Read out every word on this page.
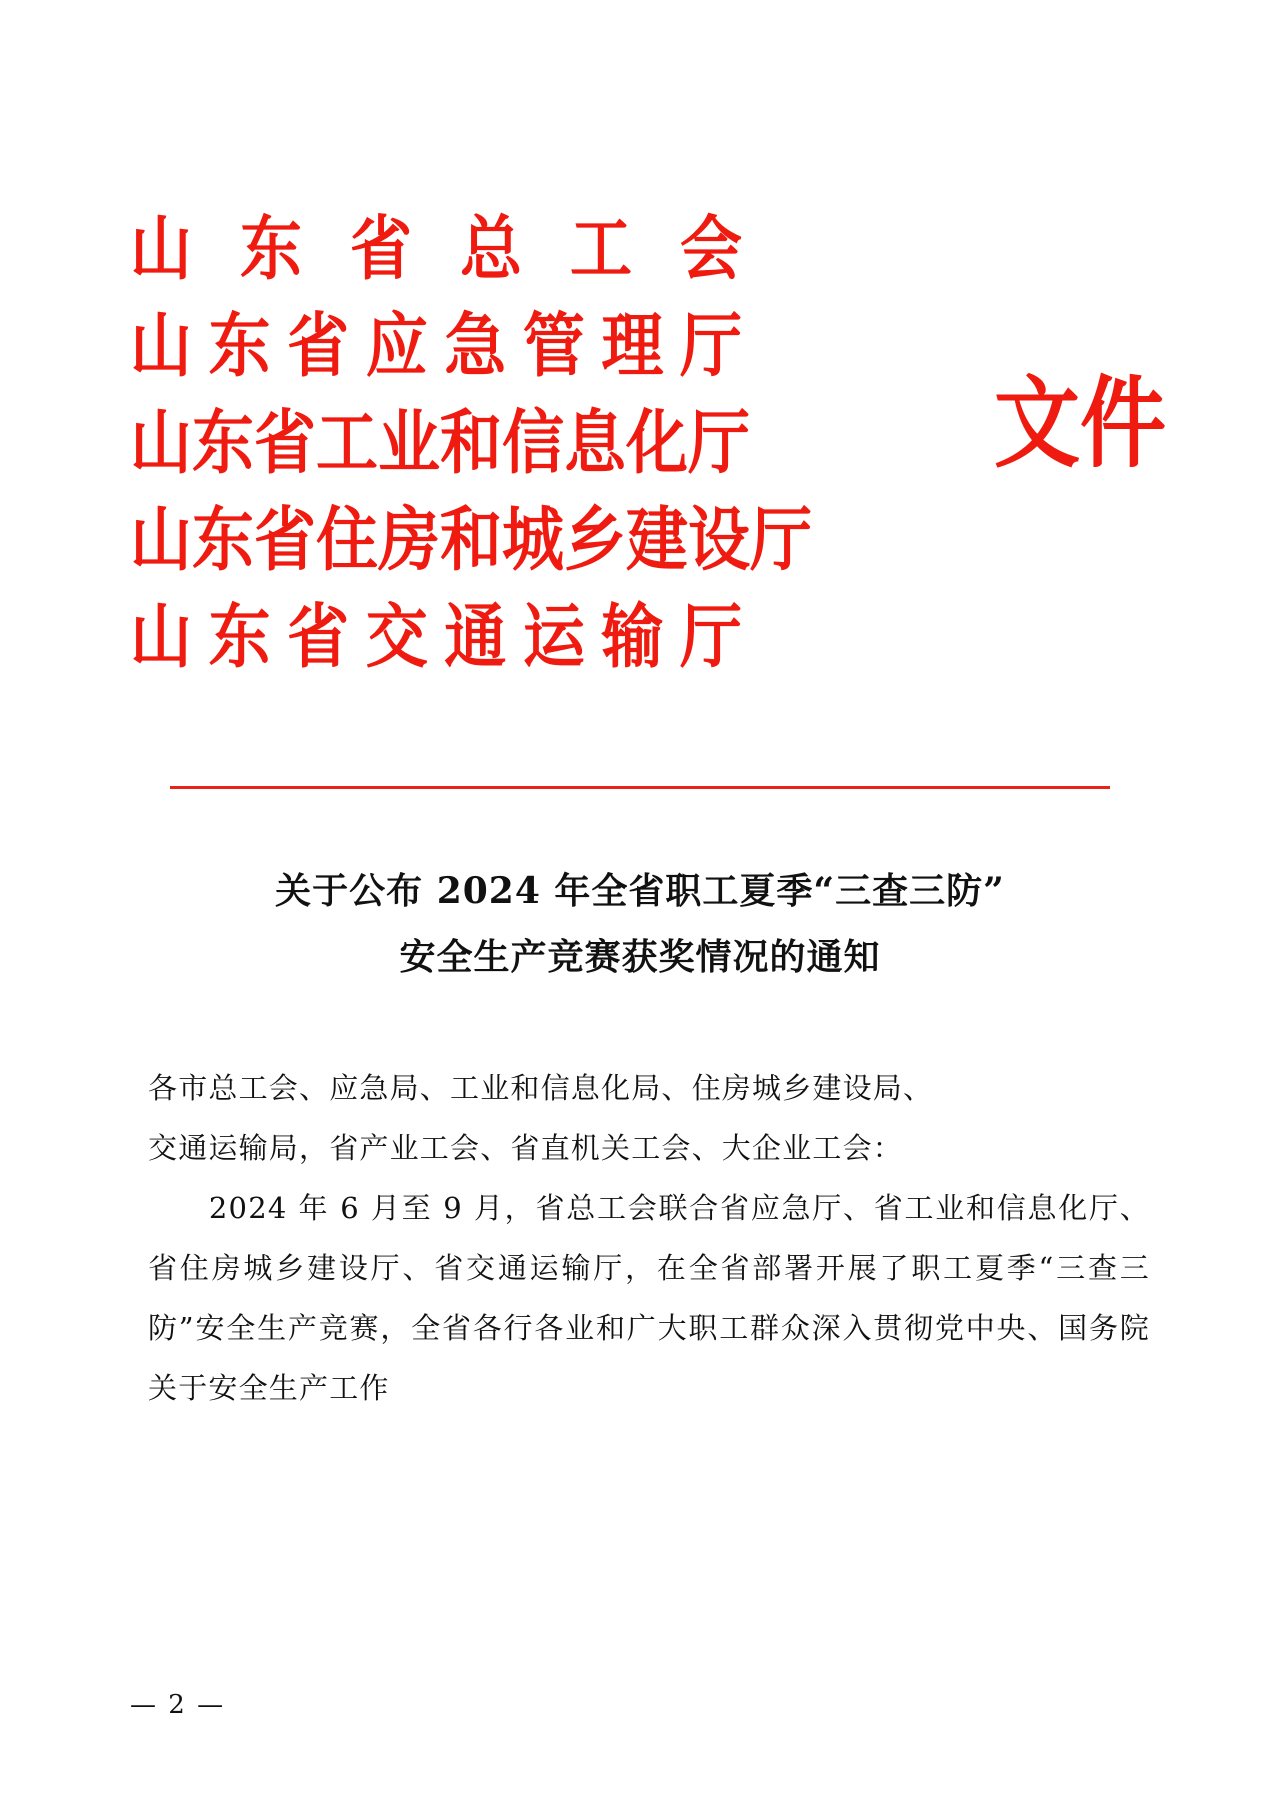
山东省总工会
山东省应急管理厅
山东省工业和信息化厅
山东省住房和城乡建设厅
山东省交通运输厅
文件
关于公布 2024 年全省职工夏季“三查三防”
安全生产竞赛获奖情况的通知

各市总工会、应急局、工业和信息化局、住房城乡建设局、

交通运输局，省产业工会、省直机关工会、大企业工会：

2024 年 6 月至 9 月，省总工会联合省应急厅、省工业和信息化厅、省住房城乡建设厅、省交通运输厅，在全省部署开展了职工夏季“三查三防”安全生产竞赛，全省各行各业和广大职工群众深入贯彻党中央、国务院关于安全生产工作

— 2 —
